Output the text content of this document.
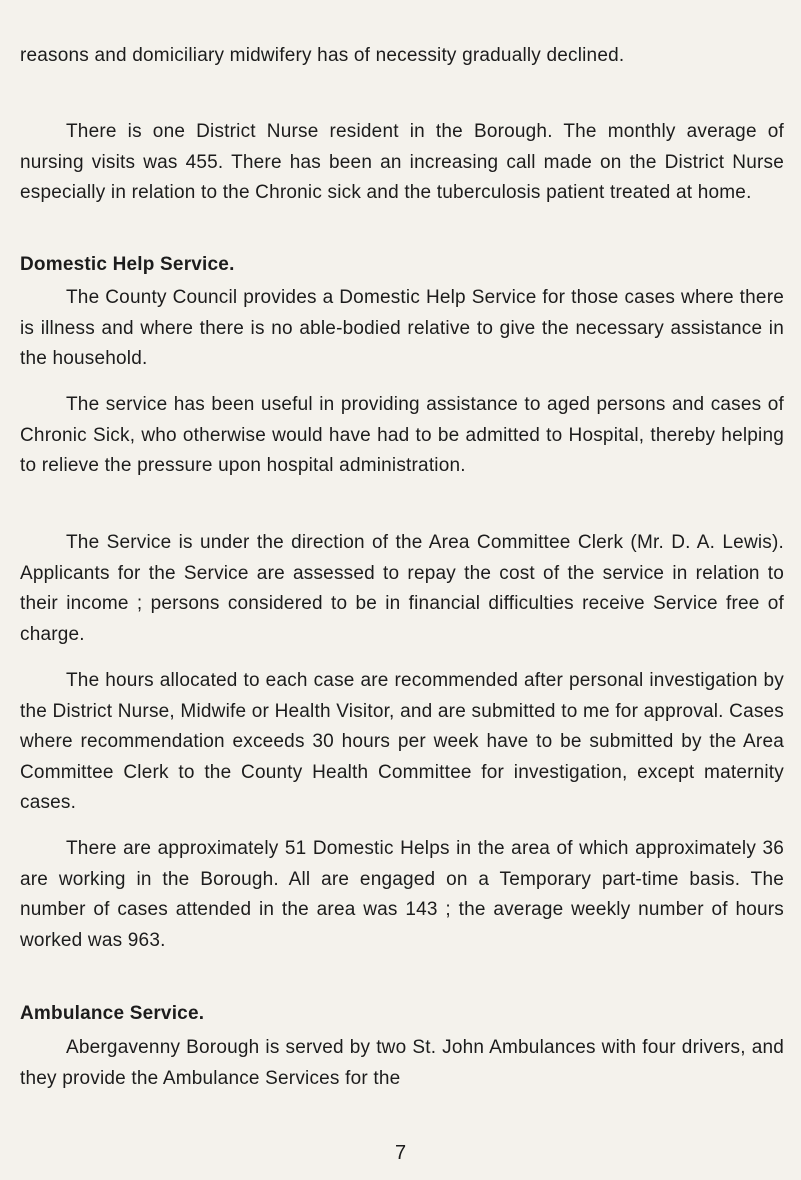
reasons and domiciliary midwifery has of necessity gradually declined.

There is one District Nurse resident in the Borough. The monthly average of nursing visits was 455. There has been an increasing call made on the District Nurse especially in relation to the Chronic sick and the tuberculosis patient treated at home.

Domestic Help Service.

The County Council provides a Domestic Help Service for those cases where there is illness and where there is no able-bodied relative to give the necessary assistance in the household.

The service has been useful in providing assistance to aged persons and cases of Chronic Sick, who otherwise would have had to be admitted to Hospital, thereby helping to relieve the pressure upon hospital administration.

The Service is under the direction of the Area Committee Clerk (Mr. D. A. Lewis). Applicants for the Service are assessed to repay the cost of the service in relation to their income ; persons considered to be in financial difficulties receive Service free of charge.

The hours allocated to each case are recommended after personal investigation by the District Nurse, Midwife or Health Visitor, and are submitted to me for approval. Cases where recommendation exceeds 30 hours per week have to be submitted by the Area Committee Clerk to the County Health Committee for investigation, except maternity cases.

There are approximately 51 Domestic Helps in the area of which approximately 36 are working in the Borough. All are engaged on a Temporary part-time basis. The number of cases attended in the area was 143 ; the average weekly number of hours worked was 963.

Ambulance Service.

Abergavenny Borough is served by two St. John Ambulances with four drivers, and they provide the Ambulance Services for the

7
